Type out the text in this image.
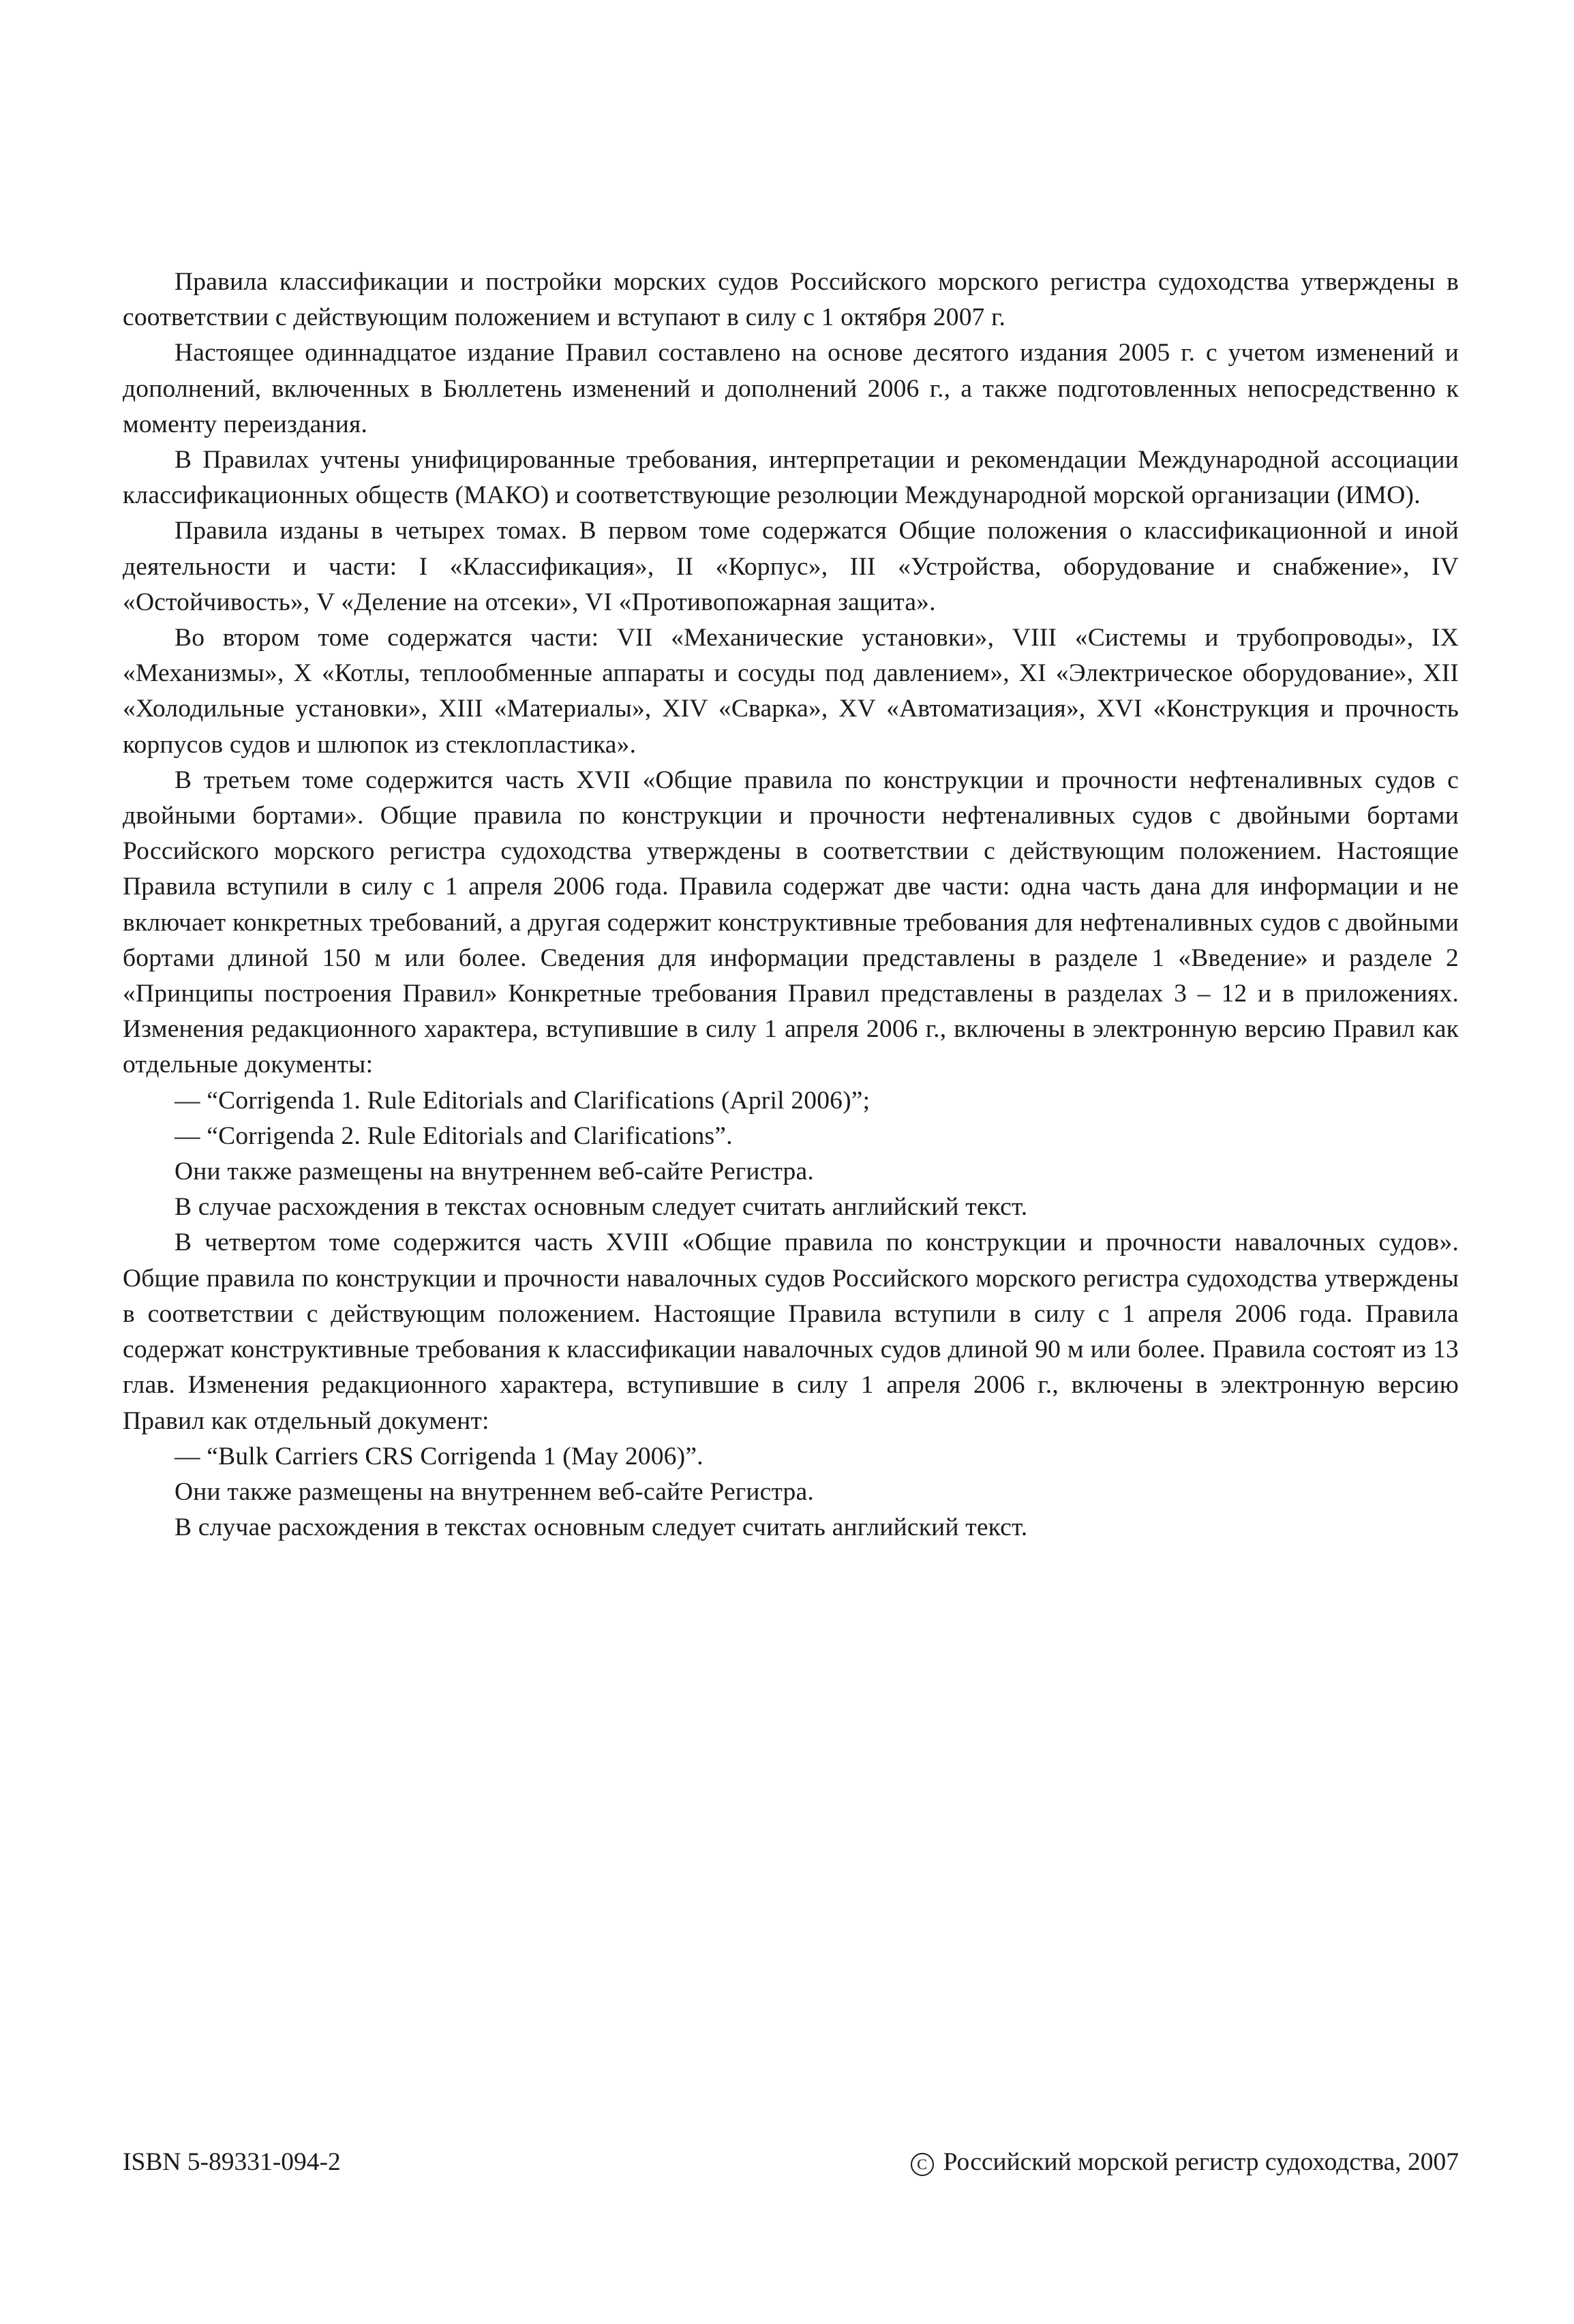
Правила классификации и постройки морских судов Российского морского регистра судоходства утверждены в соответствии с действующим положением и вступают в силу с 1 октября 2007 г.

Настоящее одиннадцатое издание Правил составлено на основе десятого издания 2005 г. с учетом изменений и дополнений, включенных в Бюллетень изменений и дополнений 2006 г., а также подготовленных непосредственно к моменту переиздания.

В Правилах учтены унифицированные требования, интерпретации и рекомендации Международной ассоциации классификационных обществ (МАКО) и соответствующие резолюции Международной морской организации (ИМО).

Правила изданы в четырех томах. В первом томе содержатся Общие положения о классификационной и иной деятельности и части: I «Классификация», II «Корпус», III «Устройства, оборудование и снабжение», IV «Остойчивость», V «Деление на отсеки», VI «Противопожарная защита».

Во втором томе содержатся части: VII «Механические установки», VIII «Системы и трубопроводы», IX «Механизмы», X «Котлы, теплообменные аппараты и сосуды под давлением», XI «Электрическое оборудование», XII «Холодильные установки», XIII «Материалы», XIV «Сварка», XV «Автоматизация», XVI «Конструкция и прочность корпусов судов и шлюпок из стеклопластика».

В третьем томе содержится часть XVII «Общие правила по конструкции и прочности нефтеналивных судов с двойными бортами». Общие правила по конструкции и прочности нефтеналивных судов с двойными бортами Российского морского регистра судоходства утверждены в соответствии с действующим положением. Настоящие Правила вступили в силу с 1 апреля 2006 года. Правила содержат две части: одна часть дана для информации и не включает конкретных требований, а другая содержит конструктивные требования для нефтеналивных судов с двойными бортами длиной 150 м или более. Сведения для информации представлены в разделе 1 «Введение» и разделе 2 «Принципы построения Правил» Конкретные требования Правил представлены в разделах 3 – 12 и в приложениях. Изменения редакционного характера, вступившие в силу 1 апреля 2006 г., включены в электронную версию Правил как отдельные документы:

— “Corrigenda 1. Rule Editorials and Clarifications (April 2006)”;

— “Corrigenda 2. Rule Editorials and Clarifications”.

Они также размещены на внутреннем веб-сайте Регистра.

В случае расхождения в текстах основным следует считать английский текст.

В четвертом томе содержится часть XVIII «Общие правила по конструкции и прочности навалочных судов». Общие правила по конструкции и прочности навалочных судов Российского морского регистра судоходства утверждены в соответствии с действующим положением. Настоящие Правила вступили в силу с 1 апреля 2006 года. Правила содержат конструктивные требования к классификации навалочных судов длиной 90 м или более. Правила состоят из 13 глав. Изменения редакционного характера, вступившие в силу 1 апреля 2006 г., включены в электронную версию Правил как отдельный документ:

— “Bulk Carriers CRS Corrigenda 1 (May 2006)”.

Они также размещены на внутреннем веб-сайте Регистра.

В случае расхождения в текстах основным следует считать английский текст.

ISBN 5-89331-094-2	C Российский морской регистр судоходства, 2007
